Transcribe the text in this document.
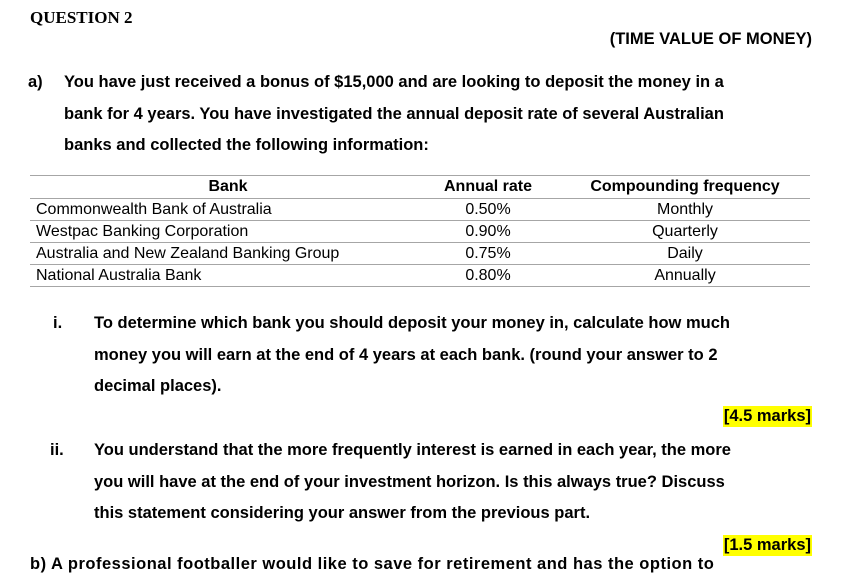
QUESTION 2
(TIME VALUE OF MONEY)
a) You have just received a bonus of $15,000 and are looking to deposit the money in a

bank for 4 years. You have investigated the annual deposit rate of several Australian

banks and collected the following information:

Bank	Annual rate	Compounding frequency
Commonwealth Bank of Australia	0.50%	Monthly
Westpac Banking Corporation	0.90%	Quarterly
Australia and New Zealand Banking Group	0.75%	Daily
National Australia Bank	0.80%	Annually
i. To determine which bank you should deposit your money in, calculate how much

money you will earn at the end of 4 years at each bank. (round your answer to 2

decimal places).

[4.5 marks]
ii. You understand that the more frequently interest is earned in each year, the more

you will have at the end of your investment horizon. Is this always true? Discuss

this statement considering your answer from the previous part.

[1.5 marks]
b) A professional footballer would like to save for retirement and has the option to
